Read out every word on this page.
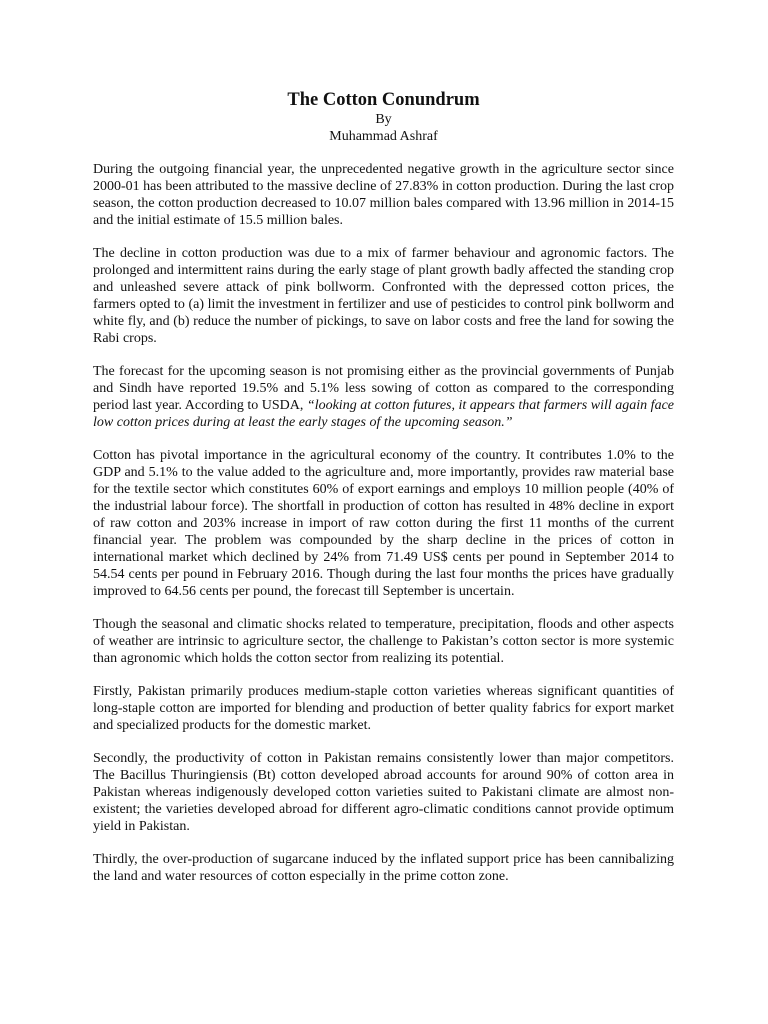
The Cotton Conundrum

By

Muhammad Ashraf

During the outgoing financial year, the unprecedented negative growth in the agriculture sector since 2000-01 has been attributed to the massive decline of 27.83% in cotton production. During the last crop season, the cotton production decreased to 10.07 million bales compared with 13.96 million in 2014-15 and the initial estimate of 15.5 million bales.

The decline in cotton production was due to a mix of farmer behaviour and agronomic factors. The prolonged and intermittent rains during the early stage of plant growth badly affected the standing crop and unleashed severe attack of pink bollworm. Confronted with the depressed cotton prices, the farmers opted to (a) limit the investment in fertilizer and use of pesticides to control pink bollworm and white fly, and (b) reduce the number of pickings, to save on labor costs and free the land for sowing the Rabi crops.

The forecast for the upcoming season is not promising either as the provincial governments of Punjab and Sindh have reported 19.5% and 5.1% less sowing of cotton as compared to the corresponding period last year. According to USDA, “looking at cotton futures, it appears that farmers will again face low cotton prices during at least the early stages of the upcoming season.”

Cotton has pivotal importance in the agricultural economy of the country. It contributes 1.0% to the GDP and 5.1% to the value added to the agriculture and, more importantly, provides raw material base for the textile sector which constitutes 60% of export earnings and employs 10 million people (40% of the industrial labour force). The shortfall in production of cotton has resulted in 48% decline in export of raw cotton and 203% increase in import of raw cotton during the first 11 months of the current financial year. The problem was compounded by the sharp decline in the prices of cotton in international market which declined by 24% from 71.49 US$ cents per pound in September 2014 to 54.54 cents per pound in February 2016. Though during the last four months the prices have gradually improved to 64.56 cents per pound, the forecast till September is uncertain.

Though the seasonal and climatic shocks related to temperature, precipitation, floods and other aspects of weather are intrinsic to agriculture sector, the challenge to Pakistan’s cotton sector is more systemic than agronomic which holds the cotton sector from realizing its potential.

Firstly, Pakistan primarily produces medium-staple cotton varieties whereas significant quantities of long-staple cotton are imported for blending and production of better quality fabrics for export market and specialized products for the domestic market.

Secondly, the productivity of cotton in Pakistan remains consistently lower than major competitors. The Bacillus Thuringiensis (Bt) cotton developed abroad accounts for around 90% of cotton area in Pakistan whereas indigenously developed cotton varieties suited to Pakistani climate are almost non-existent; the varieties developed abroad for different agro-climatic conditions cannot provide optimum yield in Pakistan.

Thirdly, the over-production of sugarcane induced by the inflated support price has been cannibalizing the land and water resources of cotton especially in the prime cotton zone.
